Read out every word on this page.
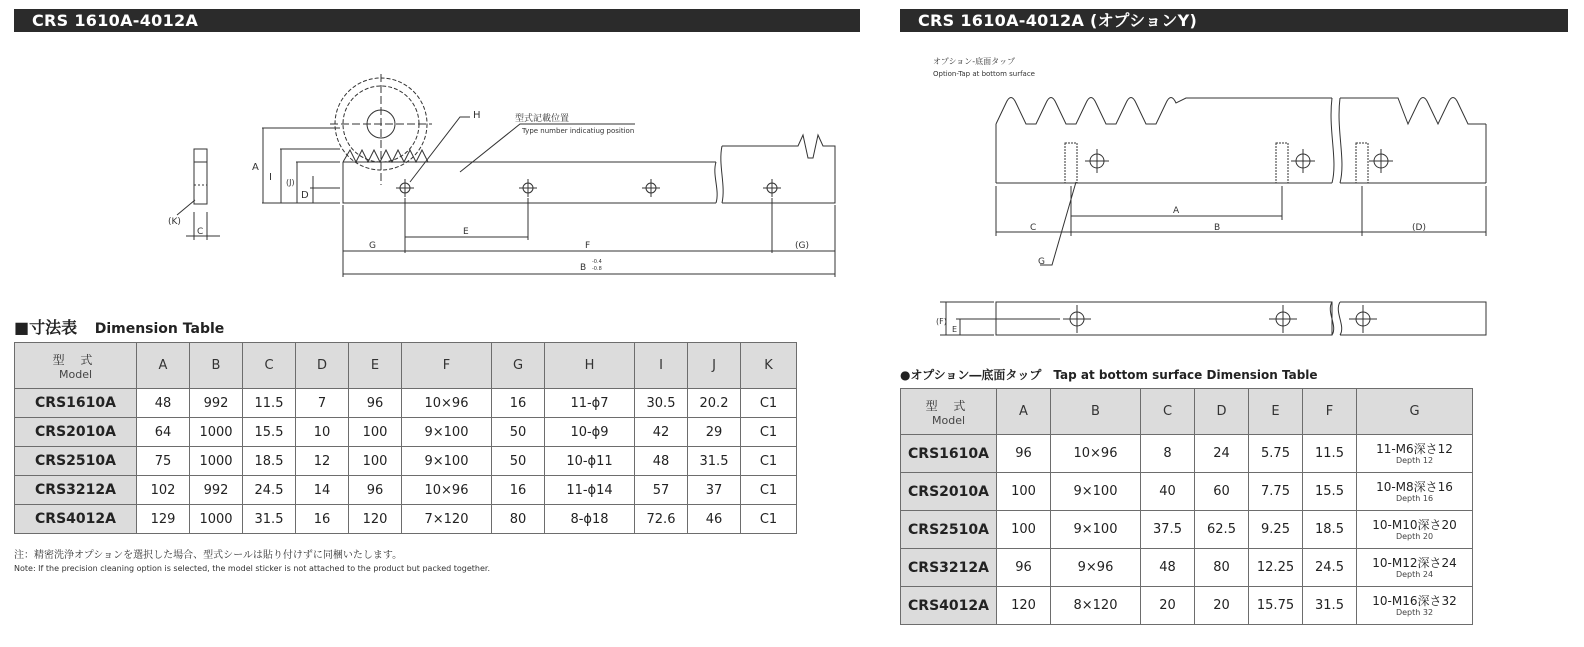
CRS 1610A-4012A	CRS 1610A-4012A (オプションY)
型式記載位置
Type number indicatiug position
H
A
I (J)
D
(K)
C
G
E
F	(G)
B
-0.4
-0.8
■寸法表 Dimension Table
型 式
Model	A	B	C	D	E	F	G	H	I	J	K
CRS1610A	48	992	11.5	7	96	10×96	16	11-ϕ7	30.5	20.2	C1
CRS2010A	64	1000	15.5	10	100	9×100	50	10-ϕ9	42	29	C1
CRS2510A	75	1000	18.5	12	100	9×100	50	10-ϕ11	48	31.5	C1
CRS3212A	102	992	24.5	14	96	10×96	16	11-ϕ14	57	37	C1
CRS4012A	129	1000	31.5	16	120	7×120	80	8-ϕ18	72.6	46	C1
注：精密洗浄オプションを選択した場合、型式シールは貼り付けずに同梱いたします。
Note: If the precision cleaning option is selected, the model sticker is not attached to the product but packed together.
オプション-底面タップ
Option-Tap at bottom surface
A
B
C	(D)
G
(F)
E
●オプション―底面タップ　Tap at bottom surface Dimension Table
型 式
Model	A	B	C	D	E	F	G
CRS1610A	96	10×96	8	24	5.75	11.5	11-M6深さ12
Depth 12

CRS2010A	100	9×100	40	60	7.75	15.5	10-M8深さ16
Depth 16

CRS2510A	100	9×100	37.5	62.5	9.25	18.5	10-M10深さ20
Depth 20

CRS3212A	96	9×96	48	80	12.25	24.5	10-M12深さ24
Depth 24

CRS4012A	120	8×120	20	20	15.75	31.5	10-M16深さ32
Depth 32
